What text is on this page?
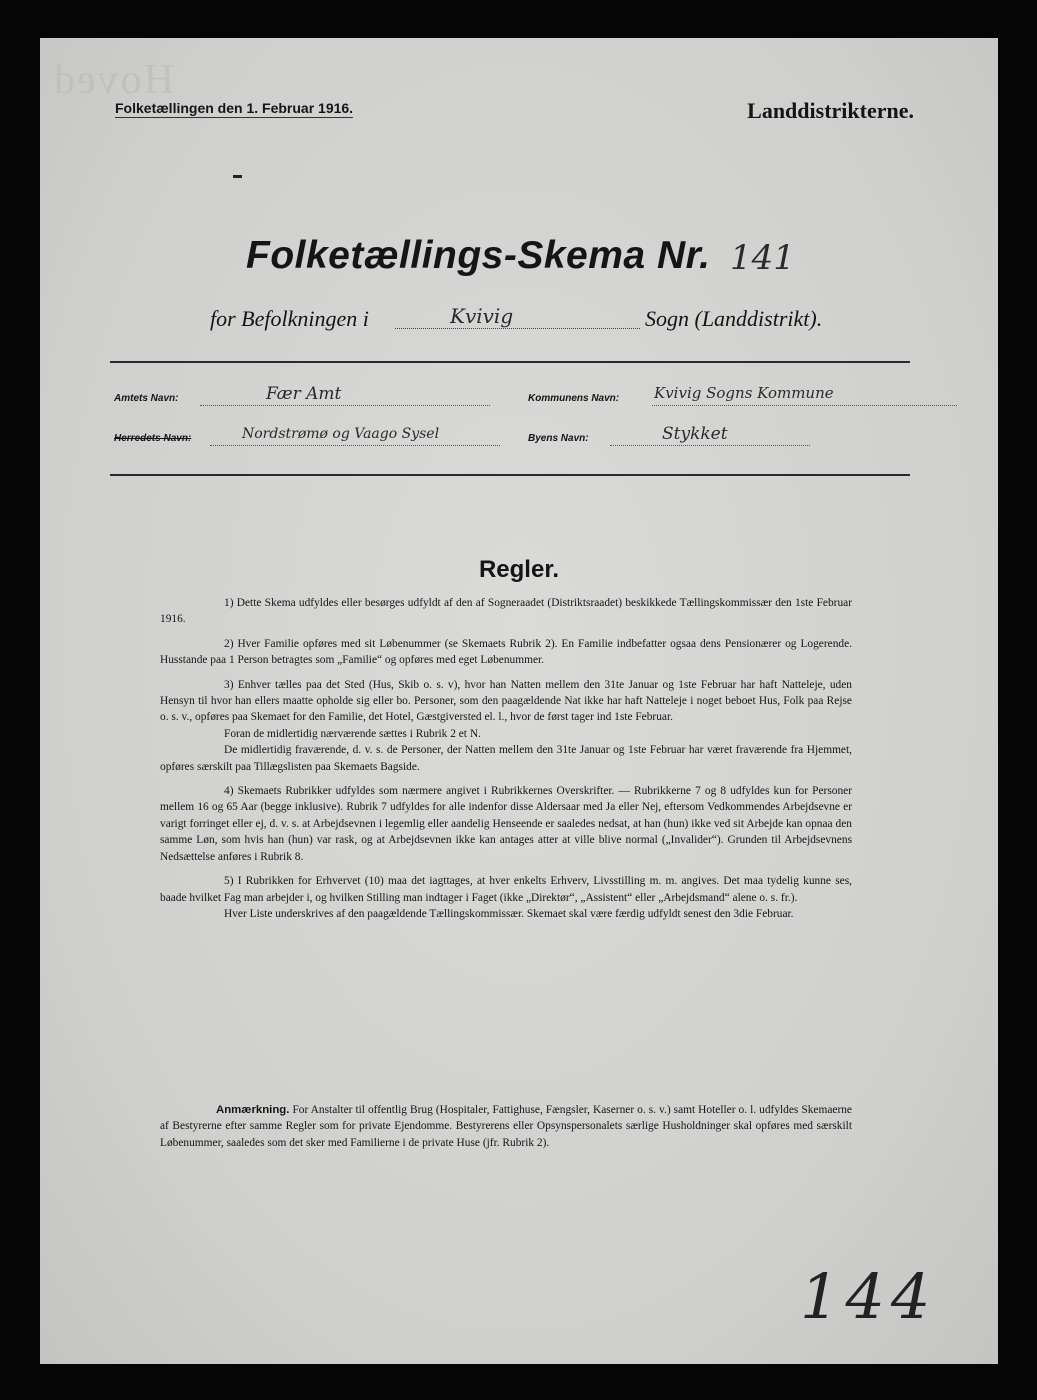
Hoved
Folketællingen den 1. Februar 1916.	Landdistrikterne.
Folketællings-Skema Nr. 141
for Befolkningen i	Kvivig	Sogn (Landdistrikt).
Amtets Navn:	Fær Amt	Kommunens Navn: Kvivig Sogns Kommune
Herredets Navn:	Nordstrømø og Vaago Sysel	Byens Navn:	Stykket
Regler.

1) Dette Skema udfyldes eller besørges udfyldt af den af Sogneraadet (Distriktsraadet) beskikkede Tællingskommissær den 1ste Februar 1916.

2) Hver Familie opføres med sit Løbenummer (se Skemaets Rubrik 2). En Familie indbefatter ogsaa dens Pensionærer og Logerende. Husstande paa 1 Person betragtes som „Familie“ og opføres med eget Løbenummer.

3) Enhver tælles paa det Sted (Hus, Skib o. s. v), hvor han Natten mellem den 31te Januar og 1ste Februar har haft Natteleje, uden Hensyn til hvor han ellers maatte opholde sig eller bo. Personer, som den paagældende Nat ikke har haft Natteleje i noget beboet Hus, Folk paa Rejse o. s. v., opføres paa Skemaet for den Familie, det Hotel, Gæstgiversted el. l., hvor de først tager ind 1ste Februar.

Foran de midlertidig nærværende sættes i Rubrik 2 et N.

De midlertidig fraværende, d. v. s. de Personer, der Natten mellem den 31te Januar og 1ste Februar har været fraværende fra Hjemmet, opføres særskilt paa Tillægslisten paa Skemaets Bagside.

4) Skemaets Rubrikker udfyldes som nærmere angivet i Rubrikkernes Overskrifter. — Rubrikkerne 7 og 8 udfyldes kun for Personer mellem 16 og 65 Aar (begge inklusive). Rubrik 7 udfyldes for alle indenfor disse Aldersaar med Ja eller Nej, eftersom Vedkommendes Arbejdsevne er varigt forringet eller ej, d. v. s. at Arbejdsevnen i legemlig eller aandelig Henseende er saaledes nedsat, at han (hun) ikke ved sit Arbejde kan opnaa den samme Løn, som hvis han (hun) var rask, og at Arbejdsevnen ikke kan antages atter at ville blive normal („Invalider“). Grunden til Arbejdsevnens Nedsættelse anføres i Rubrik 8.

5) I Rubrikken for Erhvervet (10) maa det iagttages, at hver enkelts Erhverv, Livsstilling m. m. angives. Det maa tydelig kunne ses, baade hvilket Fag man arbejder i, og hvilken Stilling man indtager i Faget (ikke „Direktør“, „Assistent“ eller „Arbejdsmand“ alene o. s. fr.).

Hver Liste underskrives af den paagældende Tællingskommissær. Skemaet skal være færdig udfyldt senest den 3die Februar.

Anmærkning. For Anstalter til offentlig Brug (Hospitaler, Fattighuse, Fængsler, Kaserner o. s. v.) samt Hoteller o. l. udfyldes Skemaerne af Bestyrerne efter samme Regler som for private Ejendomme. Bestyrerens eller Opsynspersonalets særlige Husholdninger skal opføres med særskilt Løbenummer, saaledes som det sker med Familierne i de private Huse (jfr. Rubrik 2).
144
